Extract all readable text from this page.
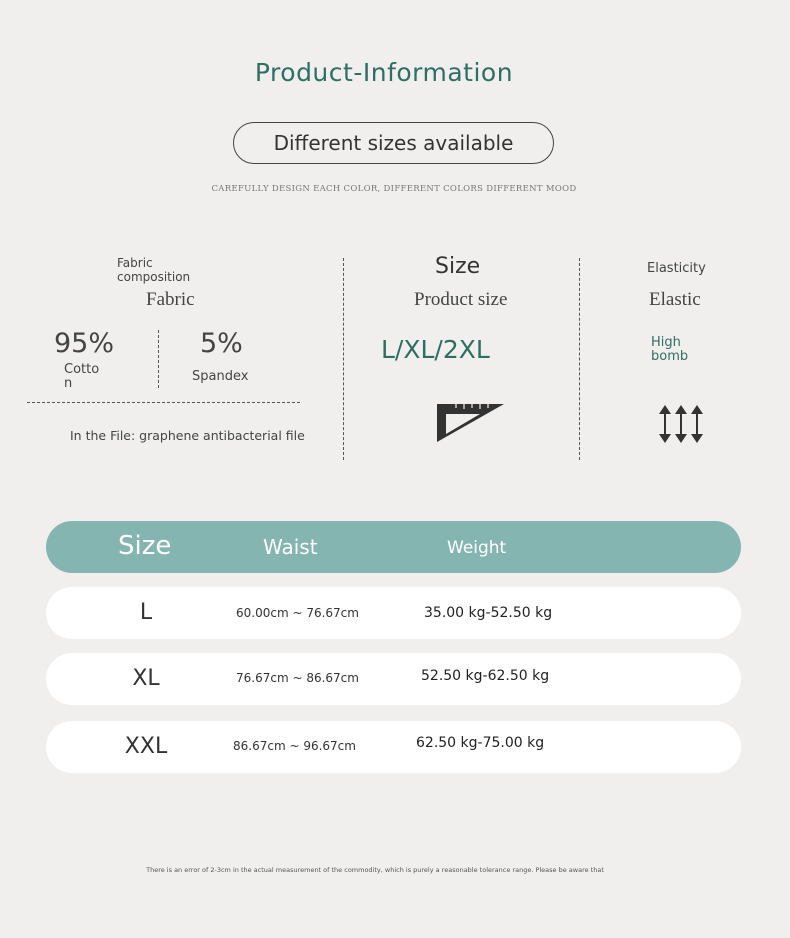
Product-Information
Different sizes available
CAREFULLY DESIGN EACH COLOR, DIFFERENT COLORS DIFFERENT MOOD
Fabric
composition
Fabric
95%
Cotto
n
5%
Spandex
In the File: graphene antibacterial file
Size
Product size
L/XL/2XL
Elasticity
Elastic
High
bomb
Size	Waist	Weight
L	60.00cm ~ 76.67cm	35.00 kg-52.50 kg
XL	76.67cm ~ 86.67cm	52.50 kg-62.50 kg
XXL	86.67cm ~ 96.67cm	62.50 kg-75.00 kg
There is an error of 2-3cm in the actual measurement of the commodity, which is purely a reasonable tolerance range. Please be aware that
